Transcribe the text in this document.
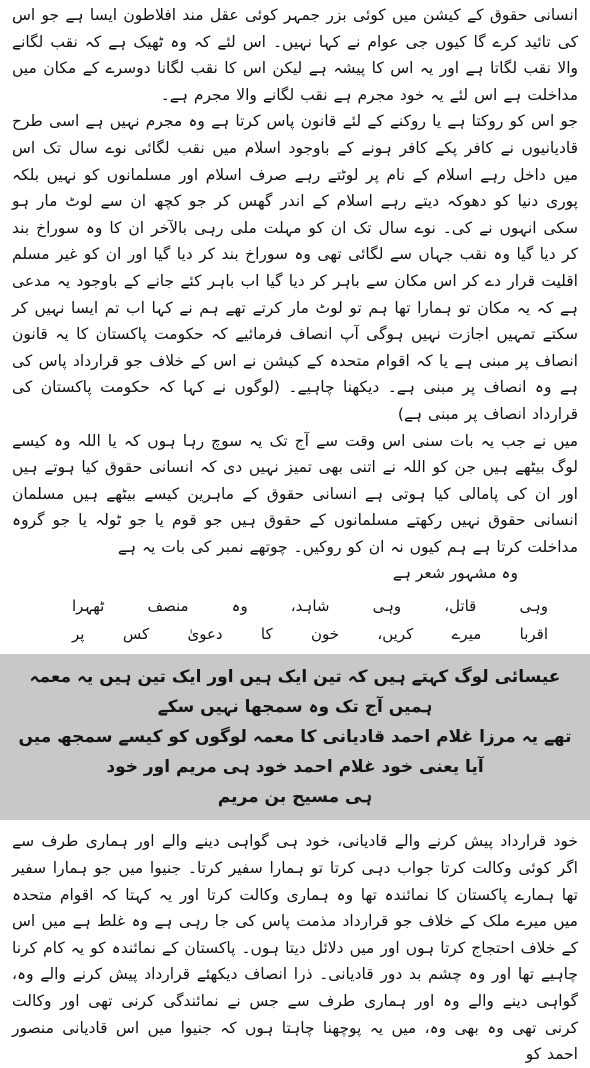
انسانی حقوق کے کیشن میں کوئی بزر جمہر کوئی عقل مند افلاطون ایسا ہے جو اس کی تائید کرے گا کیوں جی عوام نے کہا نہیں۔ اس لئے کہ وہ ٹھیک ہے کہ نقب لگانے والا نقب لگاتا ہے اور یہ اس کا پیشہ ہے لیکن اس کا نقب لگانا دوسرے کے مکان میں مداخلت ہے اس لئے یہ خود مجرم ہے نقب لگانے والا مجرم ہے۔

جو اس کو روکتا ہے یا روکنے کے لئے قانون پاس کرتا ہے وہ مجرم نہیں ہے اسی طرح قادیانیوں نے کافر پکے کافر ہونے کے باوجود اسلام میں نقب لگائی نوے سال تک اس میں داخل رہے اسلام کے نام پر لوٹتے رہے صرف اسلام اور مسلمانوں کو نہیں بلکہ پوری دنیا کو دھوکہ دیتے رہے اسلام کے اندر گھس کر جو کچھ ان سے لوٹ مار ہو سکی انہوں نے کی۔ نوے سال تک ان کو مہلت ملی رہی بالآخر ان کا وہ سوراخ بند کر دیا گیا وہ نقب جہاں سے لگائی تھی وہ سوراخ بند کر دیا گیا اور ان کو غیر مسلم اقلیت قرار دے کر اس مکان سے باہر کر دیا گیا اب باہر کئے جانے کے باوجود یہ مدعی ہے کہ یہ مکان تو ہمارا تھا ہم تو لوٹ مار کرتے تھے ہم نے کہا اب تم ایسا نہیں کر سکتے تمہیں اجازت نہیں ہوگی آپ انصاف فرمائیے کہ حکومت پاکستان کا یہ قانون انصاف پر مبنی ہے یا کہ اقوام متحدہ کے کیشن نے اس کے خلاف جو قرارداد پاس کی ہے وہ انصاف پر مبنی ہے۔ دیکھنا چاہیے۔ (لوگوں نے کہا کہ حکومت پاکستان کی قرارداد انصاف پر مبنی ہے)

میں نے جب یہ بات سنی اس وقت سے آج تک یہ سوچ رہا ہوں کہ یا اللہ وہ کیسے لوگ بیٹھے ہیں جن کو اللہ نے اتنی بھی تمیز نہیں دی کہ انسانی حقوق کیا ہوتے ہیں اور ان کی پامالی کیا ہوتی ہے انسانی حقوق کے ماہرین کیسے بیٹھے ہیں مسلمان انسانی حقوق نہیں رکھتے مسلمانوں کے حقوق ہیں جو قوم یا جو ٹولہ یا جو گروہ مداخلت کرتا ہے ہم کیوں نہ ان کو روکیں۔ چوتھے نمبر کی بات یہ ہے

وہ مشہور شعر ہے

وہی قاتل، وہی شاہد، وہ منصف ٹھہرا

اقربا میرے کریں، خون کا دعویٰ کس پر

عیسائی لوگ کہتے ہیں کہ تین ایک ہیں اور ایک تین ہیں یہ معمہ ہمیں آج تک وہ سمجھا نہیں سکے

تھے یہ مرزا غلام احمد قادیانی کا معمہ لوگوں کو کیسے سمجھ میں آیا یعنی خود غلام احمد خود ہی مریم اور خود

ہی مسیح بن مریم

خود قرارداد پیش کرنے والے قادیانی، خود ہی گواہی دینے والے اور ہماری طرف سے اگر کوئی وکالت کرتا جواب دہی کرتا تو ہمارا سفیر کرتا۔ جنیوا میں جو ہمارا سفیر تھا ہمارے پاکستان کا نمائندہ تھا وہ ہماری وکالت کرتا اور یہ کہتا کہ اقوام متحدہ میں میرے ملک کے خلاف جو قرارداد مذمت پاس کی جا رہی ہے وہ غلط ہے میں اس کے خلاف احتجاج کرتا ہوں اور میں دلائل دیتا ہوں۔ پاکستان کے نمائندہ کو یہ کام کرنا چاہیے تھا اور وہ چشم بد دور قادیانی۔ ذرا انصاف دیکھئے قرارداد پیش کرنے والے وہ، گواہی دینے والے وہ اور ہماری طرف سے جس نے نمائندگی کرنی تھی اور وکالت کرنی تھی وہ بھی وہ، میں یہ پوچھنا چاہتا ہوں کہ جنیوا میں اس قادیانی منصور احمد کو
